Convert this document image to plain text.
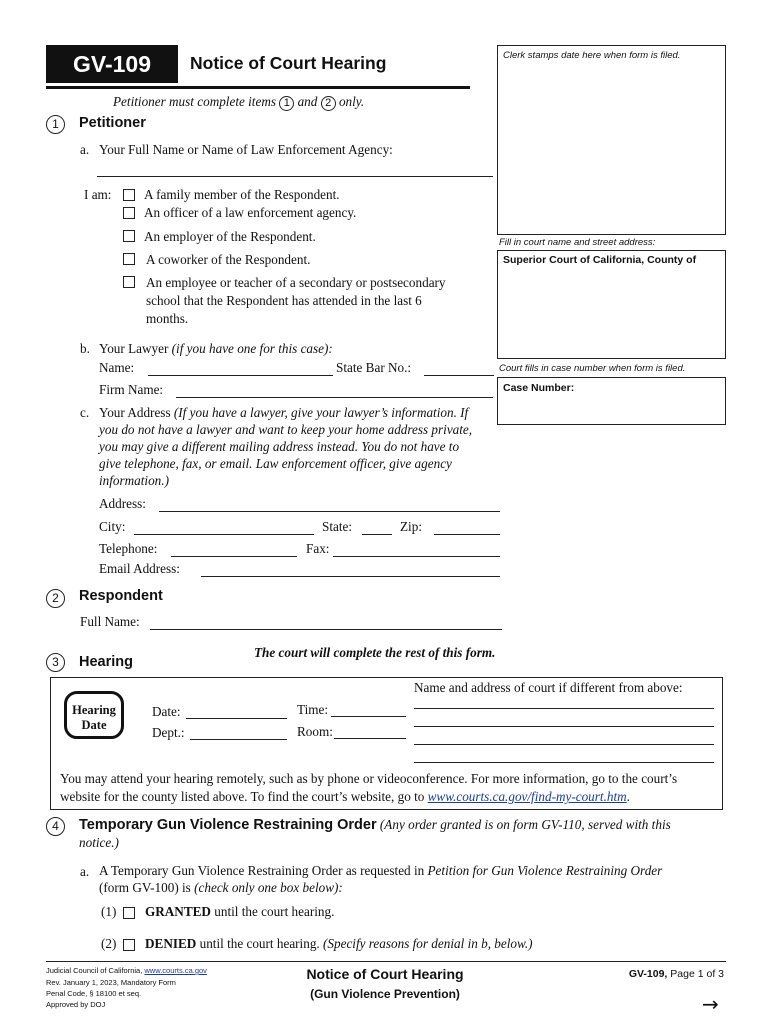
GV-109	Notice of Court Hearing
Petitioner must complete items 1 and 2 only.
Clerk stamps date here when form is filed.
Fill in court name and street address:
Superior Court of California, County of
Court fills in case number when form is filed.
Case Number:
1	Petitioner
a. Your Full Name or Name of Law Enforcement Agency:
I am: A family member of the Respondent.
An officer of a law enforcement agency.
An employer of the Respondent.
A coworker of the Respondent.
An employee or teacher of a secondary or postsecondary
school that the Respondent has attended in the last 6
months.
b. Your Lawyer (if you have one for this case):
Name:	State Bar No.:
Firm Name:
c. Your Address (If you have a lawyer, give your lawyer’s information. If
you do not have a lawyer and want to keep your home address private,
you may give a different mailing address instead. You do not have to
give telephone, fax, or email. Law enforcement officer, give agency
information.)
Address:
City:	State:	Zip:
Telephone:	Fax:
Email Address:
2	Respondent
Full Name:
The court will complete the rest of this form.
3	Hearing
Hearing
Date
Date:	Time:
Dept.:	Room:
Name and address of court if different from above:
You may attend your hearing remotely, such as by phone or videoconference. For more information, go to the court’s
website for the county listed above. To find the court’s website, go to www.courts.ca.gov/find-my-court.htm.
4	Temporary Gun Violence Restraining Order (Any order granted is on form GV-110, served with this
notice.)
a. A Temporary Gun Violence Restraining Order as requested in Petition for Gun Violence Restraining Order
(form GV-100) is (check only one box below):
(1) GRANTED until the court hearing.
(2) DENIED until the court hearing. (Specify reasons for denial in b, below.)
Judicial Council of California, www.courts.ca.gov
Rev. January 1, 2023, Mandatory Form
Penal Code, § 18100 et seq.
Approved by DOJ
Notice of Court Hearing
(Gun Violence Prevention)
GV-109, Page 1 of 3
→
